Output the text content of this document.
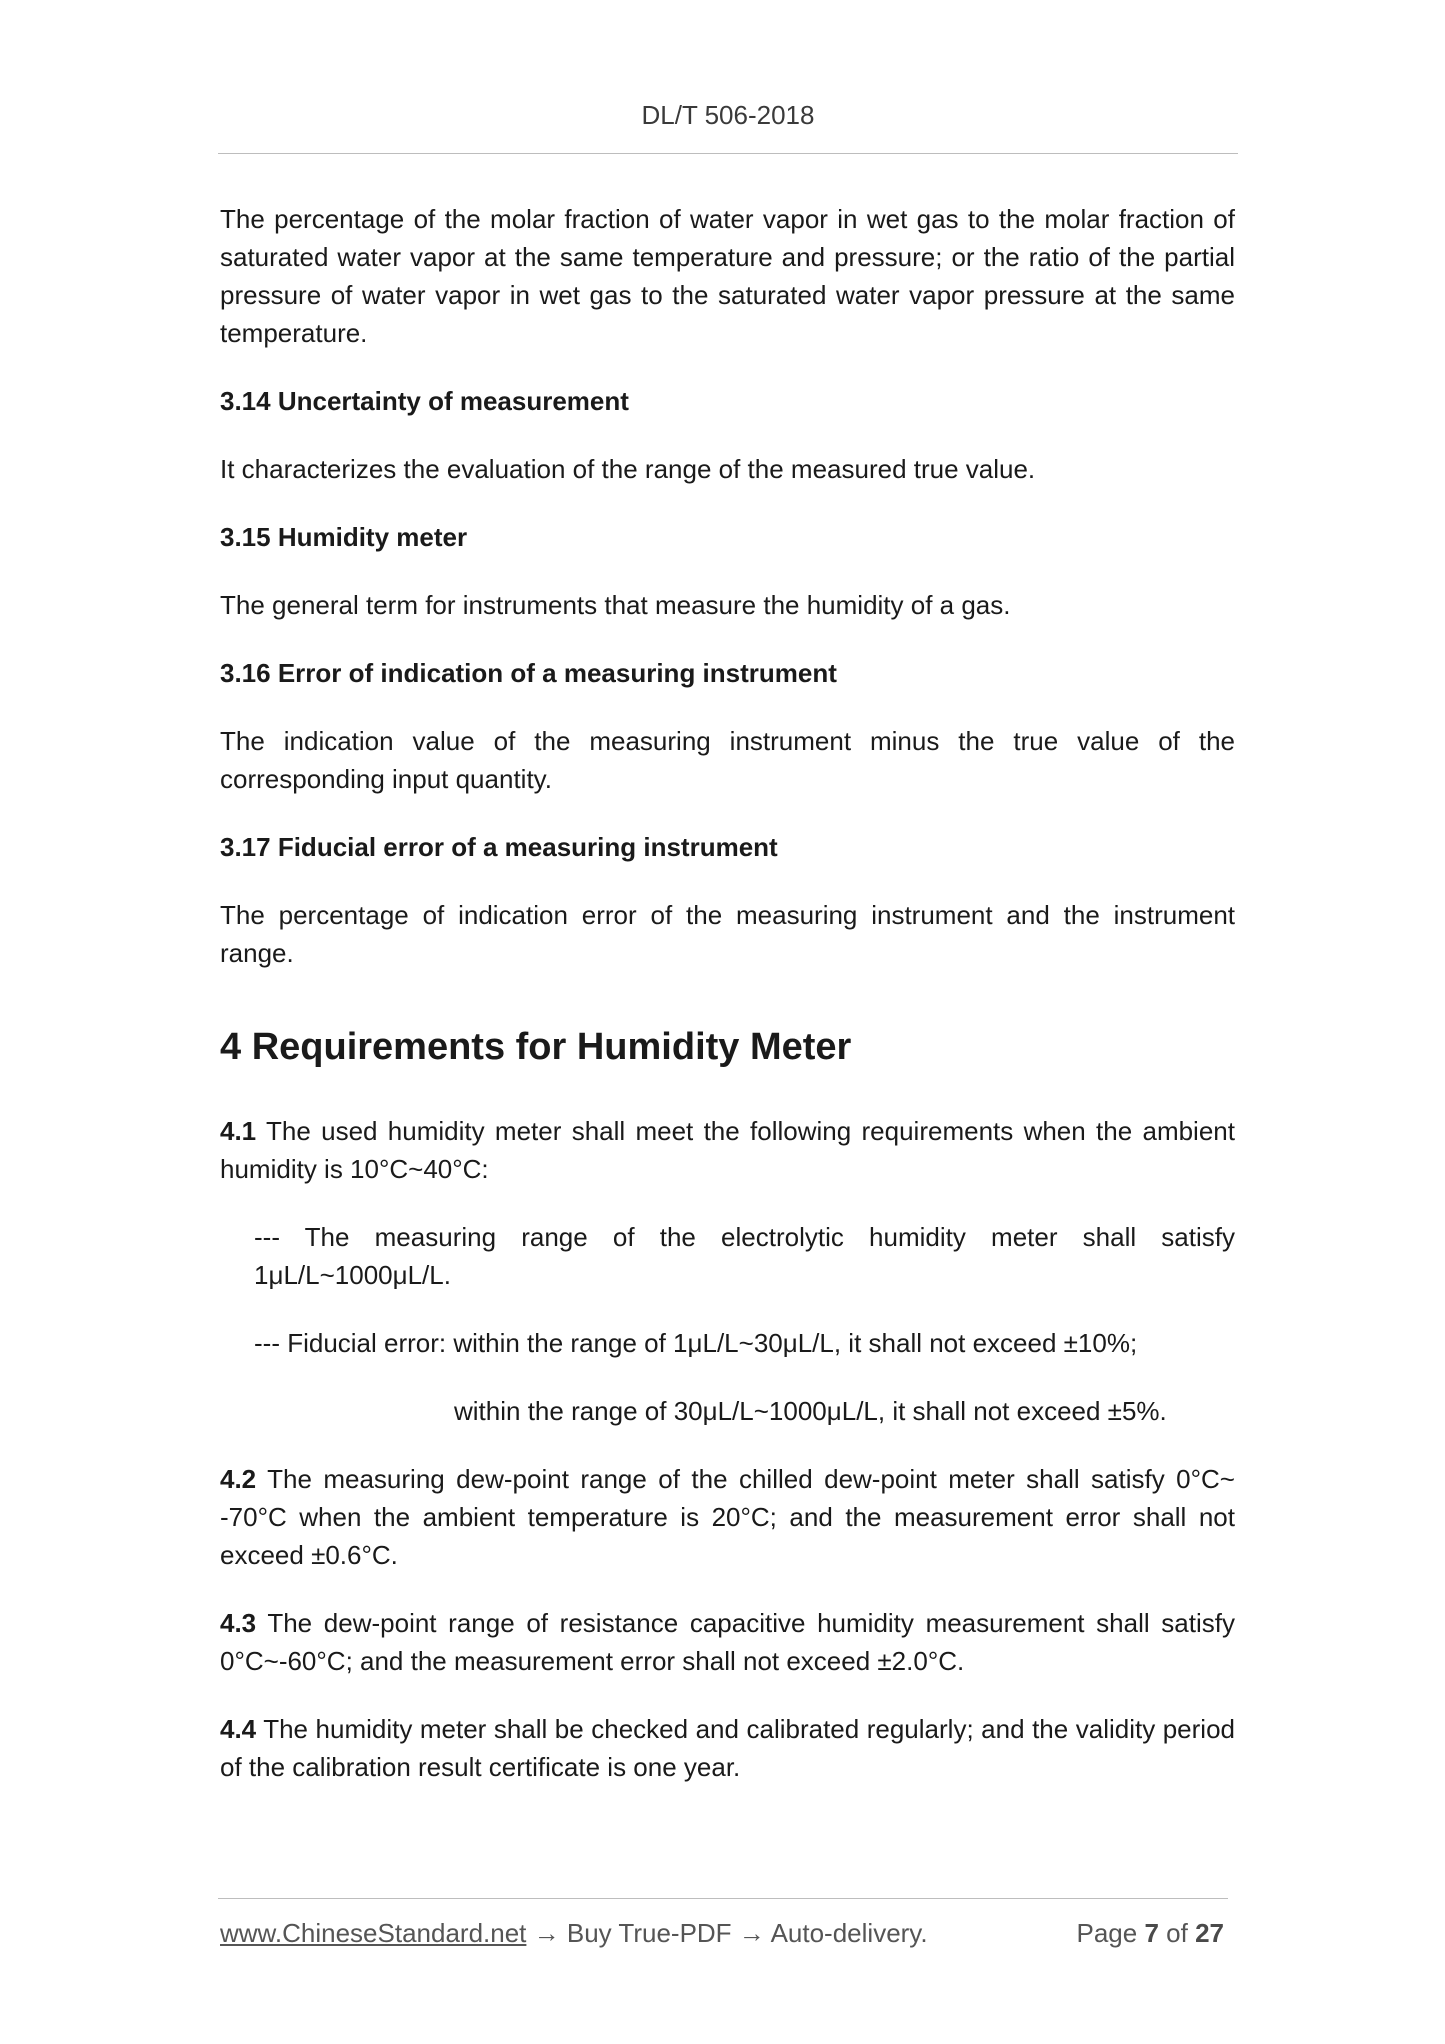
DL/T 506-2018

The percentage of the molar fraction of water vapor in wet gas to the molar fraction of saturated water vapor at the same temperature and pressure; or the ratio of the partial pressure of water vapor in wet gas to the saturated water vapor pressure at the same temperature.

3.14 Uncertainty of measurement

It characterizes the evaluation of the range of the measured true value.

3.15 Humidity meter

The general term for instruments that measure the humidity of a gas.

3.16 Error of indication of a measuring instrument

The indication value of the measuring instrument minus the true value of the corresponding input quantity.

3.17 Fiducial error of a measuring instrument

The percentage of indication error of the measuring instrument and the instrument range.

4 Requirements for Humidity Meter

4.1 The used humidity meter shall meet the following requirements when the ambient humidity is 10°C~40°C:

--- The measuring range of the electrolytic humidity meter shall satisfy 1μL/L~1000μL/L.

--- Fiducial error: within the range of 1μL/L~30μL/L, it shall not exceed ±10%;

within the range of 30μL/L~1000μL/L, it shall not exceed ±5%.

4.2 The measuring dew-point range of the chilled dew-point meter shall satisfy 0°C~ -70°C when the ambient temperature is 20°C; and the measurement error shall not exceed ±0.6°C.

4.3 The dew-point range of resistance capacitive humidity measurement shall satisfy 0°C~-60°C; and the measurement error shall not exceed ±2.0°C.

4.4 The humidity meter shall be checked and calibrated regularly; and the validity period of the calibration result certificate is one year.

www.ChineseStandard.net → Buy True-PDF → Auto-delivery.	Page 7 of 27
